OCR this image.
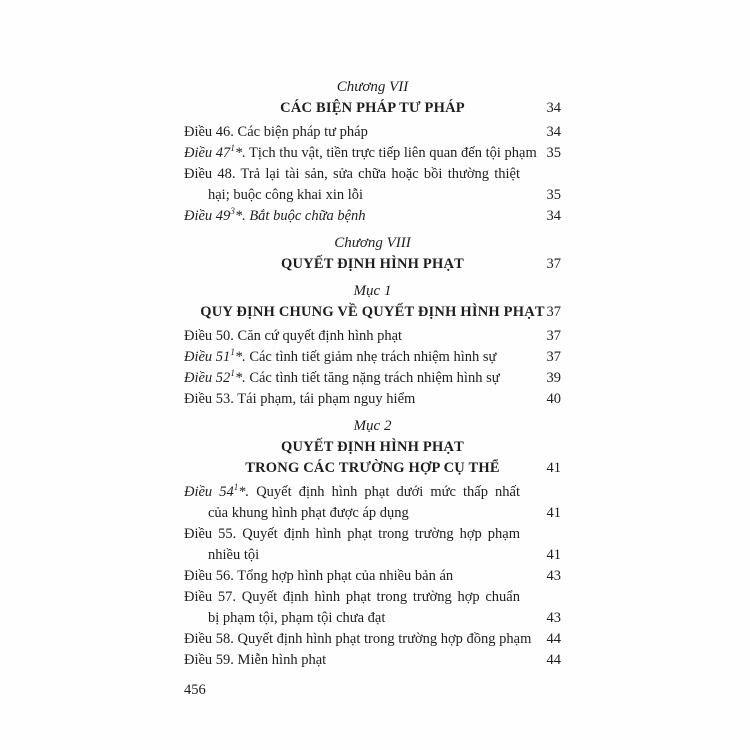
Chương VII
CÁC BIỆN PHÁP TƯ PHÁP	34
Điều 46. Các biện pháp tư pháp	34
Điều $47^1*$. Tịch thu vật, tiền trực tiếp liên quan đến tội phạm 35
Điều 48. Trả lại tài sản, sửa chữa hoặc bồi thường thiệt
hại; buộc công khai xin lỗi	35
Điều $49^3*$. Bắt buộc chữa bệnh	34
Chương VIII
QUYẾT ĐỊNH HÌNH PHẠT	37
Mục 1
QUY ĐỊNH CHUNG VỀ QUYẾT ĐỊNH HÌNH PHẠT 37
Điều 50. Căn cứ quyết định hình phạt	37
Điều $51^1*$. Các tình tiết giảm nhẹ trách nhiệm hình sự	37
Điều $52^1*$. Các tình tiết tăng nặng trách nhiệm hình sự	39
Điều 53. Tái phạm, tái phạm nguy hiểm	40
Mục 2
QUYẾT ĐỊNH HÌNH PHẠT
TRONG CÁC TRƯỜNG HỢP CỤ THỂ	41
Điều $54^1*$. Quyết định hình phạt dưới mức thấp nhất
của khung hình phạt được áp dụng	41
Điều 55. Quyết định hình phạt trong trường hợp phạm
nhiều tội	41
Điều 56. Tổng hợp hình phạt của nhiều bản án	43
Điều 57. Quyết định hình phạt trong trường hợp chuẩn
bị phạm tội, phạm tội chưa đạt	43
Điều 58. Quyết định hình phạt trong trường hợp đồng phạm 44
Điều 59. Miễn hình phạt	44
456
